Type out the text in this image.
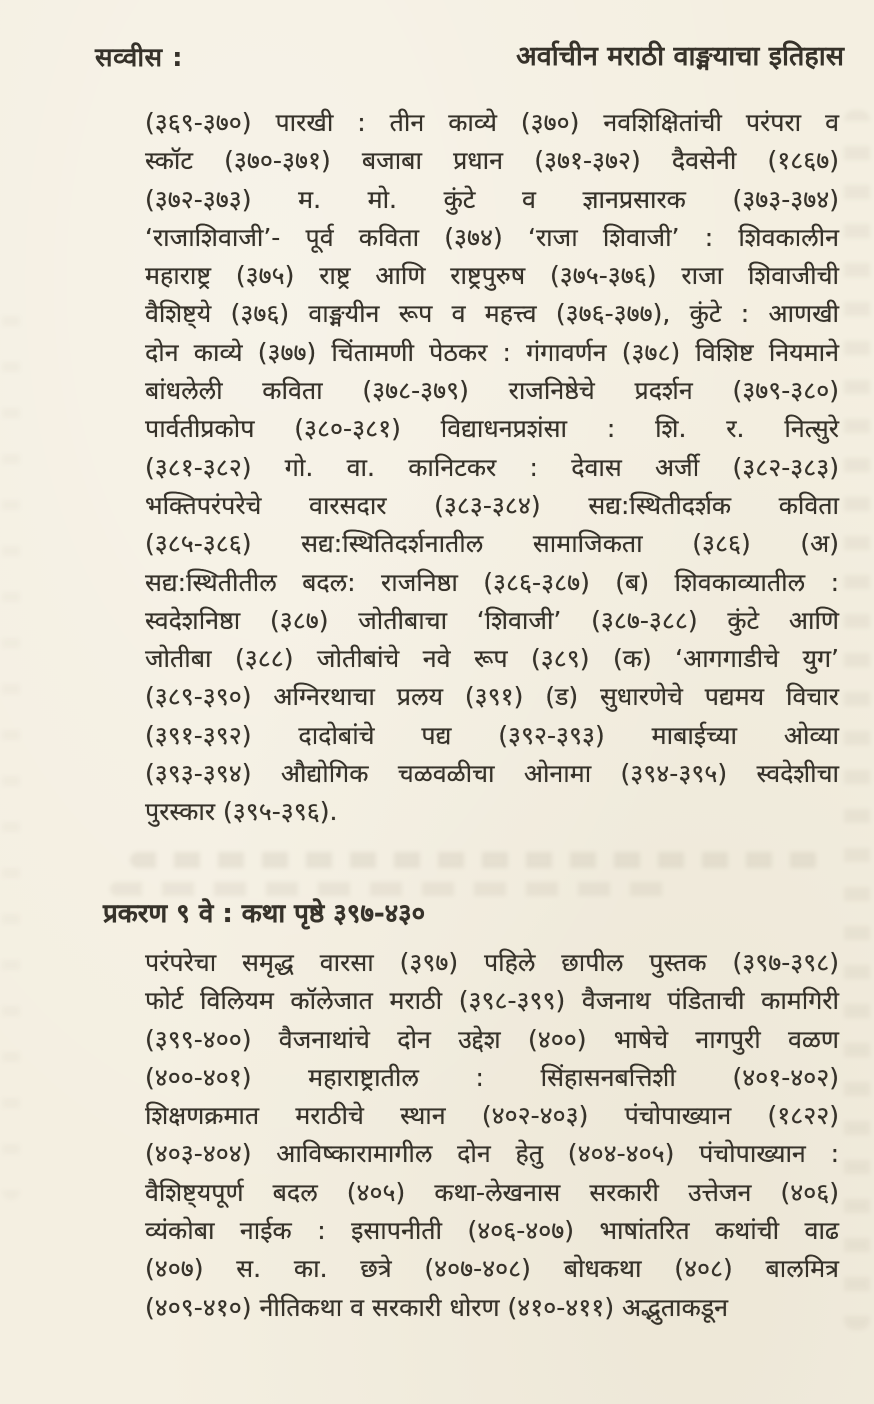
सव्वीस :	अर्वाचीन मराठी वाङ्मयाचा इतिहास
(३६९-३७०) पारखी : तीन काव्ये (३७०) नवशिक्षितांची परंपरा व
स्कॉट (३७०-३७१) बजाबा प्रधान (३७१-३७२) दैवसेनी (१८६७)
(३७२-३७३) म. मो. कुंटे व ज्ञानप्रसारक (३७३-३७४)
‘राजाशिवाजी’- पूर्व कविता (३७४) ‘राजा शिवाजी’ : शिवकालीन
महाराष्ट्र (३७५) राष्ट्र आणि राष्ट्रपुरुष (३७५-३७६) राजा शिवाजीची
वैशिष्ट्ये (३७६) वाङ्मयीन रूप व महत्त्व (३७६-३७७), कुंटे : आणखी
दोन काव्ये (३७७) चिंतामणी पेठकर : गंगावर्णन (३७८) विशिष्ट नियमाने
बांधलेली कविता (३७८-३७९) राजनिष्ठेचे प्रदर्शन (३७९-३८०)
पार्वतीप्रकोप (३८०-३८१) विद्याधनप्रशंसा : शि. र. नित्सुरे
(३८१-३८२) गो. वा. कानिटकर : देवास अर्जी (३८२-३८३)
भक्तिपरंपरेचे वारसदार (३८३-३८४) सद्य:स्थितीदर्शक कविता
(३८५-३८६) सद्य:स्थितिदर्शनातील सामाजिकता (३८६) (अ)
सद्य:स्थितीतील बदल: राजनिष्ठा (३८६-३८७) (ब) शिवकाव्यातील :
स्वदेशनिष्ठा (३८७) जोतीबाचा ‘शिवाजी’ (३८७-३८८) कुंटे आणि
जोतीबा (३८८) जोतीबांचे नवे रूप (३८९) (क) ‘आगगाडीचे युग’
(३८९-३९०) अग्निरथाचा प्रलय (३९१) (ड) सुधारणेचे पद्यमय विचार
(३९१-३९२) दादोबांचे पद्य (३९२-३९३) माबाईच्या ओव्या
(३९३-३९४) औद्योगिक चळवळीचा ओनामा (३९४-३९५) स्वदेशीचा
पुरस्कार (३९५-३९६).
प्रकरण ९ वे : कथा पृष्ठे ३९७-४३०
परंपरेचा समृद्ध वारसा (३९७) पहिले छापील पुस्तक (३९७-३९८)
फोर्ट विलियम कॉलेजात मराठी (३९८-३९९) वैजनाथ पंडिताची कामगिरी
(३९९-४००) वैजनाथांचे दोन उद्देश (४००) भाषेचे नागपुरी वळण
(४००-४०१) महाराष्ट्रातील : सिंहासनबत्तिशी (४०१-४०२)
शिक्षणक्रमात मराठीचे स्थान (४०२-४०३) पंचोपाख्यान (१८२२)
(४०३-४०४) आविष्कारामागील दोन हेतु (४०४-४०५) पंचोपाख्यान :
वैशिष्ट्यपूर्ण बदल (४०५) कथा-लेखनास सरकारी उत्तेजन (४०६)
व्यंकोबा नाईक : इसापनीती (४०६-४०७) भाषांतरित कथांची वाढ
(४०७) स. का. छत्रे (४०७-४०८) बोधकथा (४०८) बालमित्र
(४०९-४१०) नीतिकथा व सरकारी धोरण (४१०-४११) अद्भुताकडून
